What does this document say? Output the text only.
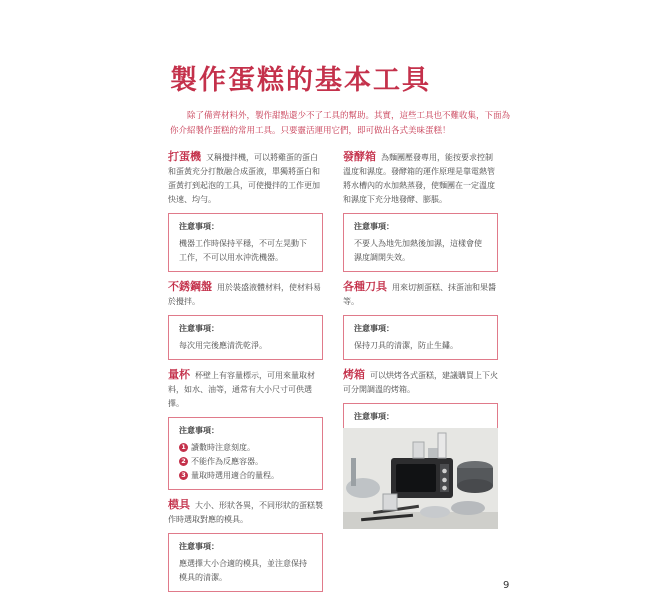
製作蛋糕的基本工具

除了備齊材料外，製作甜點還少不了工具的幫助。其實，這些工具也不難收集，下面為你介紹製作蛋糕的常用工具。只要靈活運用它們，即可做出各式美味蛋糕！

打蛋機 又稱攪拌機，可以將雞蛋的蛋白和蛋黃充分打散融合成蛋液，單獨將蛋白和蛋黃打到起泡的工具，可使攪拌的工作更加快速、均勻。

注意事項：
機器工作時保持平穩，不可左晃動下工作，不可以用水沖洗機器。

不銹鋼盤 用於裝盛液體材料，使材料易於攪拌。

注意事項：
每次用完後應清洗乾淨。

量杯 杯壁上有容量標示，可用來量取材料，如水、油等，通常有大小尺寸可供選擇。

注意事項：
1 讀數時注意刻度。
2 不能作為反應容器。
3 量取時選用適合的量程。

模具 大小、形狀各異，不同形狀的蛋糕製作時選取對應的模具。

注意事項：
應選擇大小合適的模具，並注意保持模具的清潔。

發酵箱 為麵團壓發專用，能按要求控制溫度和濕度。發酵箱的運作原理是靠電熱管將水槽內的水加熱蒸發，使麵團在一定溫度和濕度下充分地發酵、膨脹。

注意事項：
不要人為地先加熱後加濕，這樣會使濕度調開失效。

各種刀具 用來切割蛋糕、抹蛋油和果醬等。

注意事項：
保持刀具的清潔，防止生鏽。

烤箱 可以烘烤各式蛋糕，建議購買上下火可分開調溫的烤箱。

注意事項：
9
